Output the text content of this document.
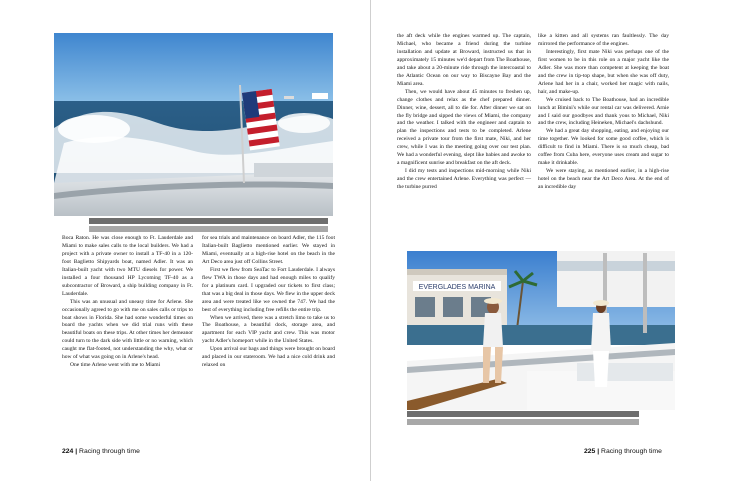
Boca Raton. He was close enough to Ft. Lauderdale and Miami to make sales calls to the local builders. We had a project with a private owner to install a TF-40 in a 120-foot Baglietto Shipyards boat, named Adler. It was an Italian-built yacht with two MTU diesels for power. We installed a four thousand HP Lycoming TF-40 as a subcontractor of Broward, a ship building company in Ft. Lauderdale.

This was an unusual and uneasy time for Arlene. She occasionally agreed to go with me on sales calls or trips to boat shows in Florida. She had some wonderful times on board the yachts when we did trial runs with these beautiful boats on these trips. At other times her demeanor could turn to the dark side with little or no warning, which caught me flat-footed, not understanding the why, what or how of what was going on in Arlene's head.

One time Arlene went with me to Miami

for sea trials and maintenance on board Adler, the 115 foot Italian-built Baglietto mentioned earlier. We stayed in Miami, eventually at a high-rise hotel on the beach in the Art Deco area just off Collins Street.

First we flew from SeaTac to Fort Lauderdale. I always flew TWA in those days and had enough miles to qualify for a platinum card. I upgraded our tickets to first class; that was a big deal in those days. We flew in the upper deck area and were treated like we owned the 747. We had the best of everything including free refills the entire trip.

When we arrived, there was a stretch limo to take us to The Boathouse, a beautiful dock, storage area, and apartment for each VIP yacht and crew. This was motor yacht Adler's homeport while in the United States.

Upon arrival our bags and things were brought on board and placed in our stateroom. We had a nice cold drink and relaxed on

224 | Racing through time

the aft deck while the engines warmed up. The captain, Michael, who became a friend during the turbine installation and update at Broward, instructed us that in approximately 15 minutes we'd depart from The Boathouse, and take about a 20-minute ride through the intercoastal to the Atlantic Ocean on our way to Biscayne Bay and the Miami area.

Then, we would have about 45 minutes to freshen up, change clothes and relax as the chef prepared dinner. Dinner, wine, dessert, all to die for. After dinner we sat on the fly bridge and sipped the views of Miami, the company and the weather. I talked with the engineer and captain to plan the inspections and tests to be completed. Arlene received a private tour from the first mate, Niki, and her crew, while I was in the meeting going over our test plan. We had a wonderful evening, slept like babies and awoke to a magnificent sunrise and breakfast on the aft deck.

I did my tests and inspections mid-morning while Niki and the crew entertained Arlene. Everything was perfect — the turbine purred

like a kitten and all systems ran faultlessly. The day mirrored the performance of the engines.

Interestingly, first mate Niki was perhaps one of the first women to be in this role on a major yacht like the Adler. She was more than competent at keeping the boat and the crew in tip-top shape, but when she was off duty, Arlene had her in a chair, worked her magic with nails, hair, and make-up.

We cruised back to The Boathouse, had an incredible lunch at Bimini's while our rental car was delivered. Arnie and I said our goodbyes and thank yous to Michael, Niki and the crew, including Heineken, Michael's dachshund.

We had a great day shopping, eating, and enjoying our time together. We looked for some good coffee, which is difficult to find in Miami. There is so much cheap, bad coffee from Cuba here, everyone uses cream and sugar to make it drinkable.

We were staying, as mentioned earlier, in a high-rise hotel on the beach near the Art Deco Area. At the end of an incredible day

EVERGLADES MARINA
225 | Racing through time
